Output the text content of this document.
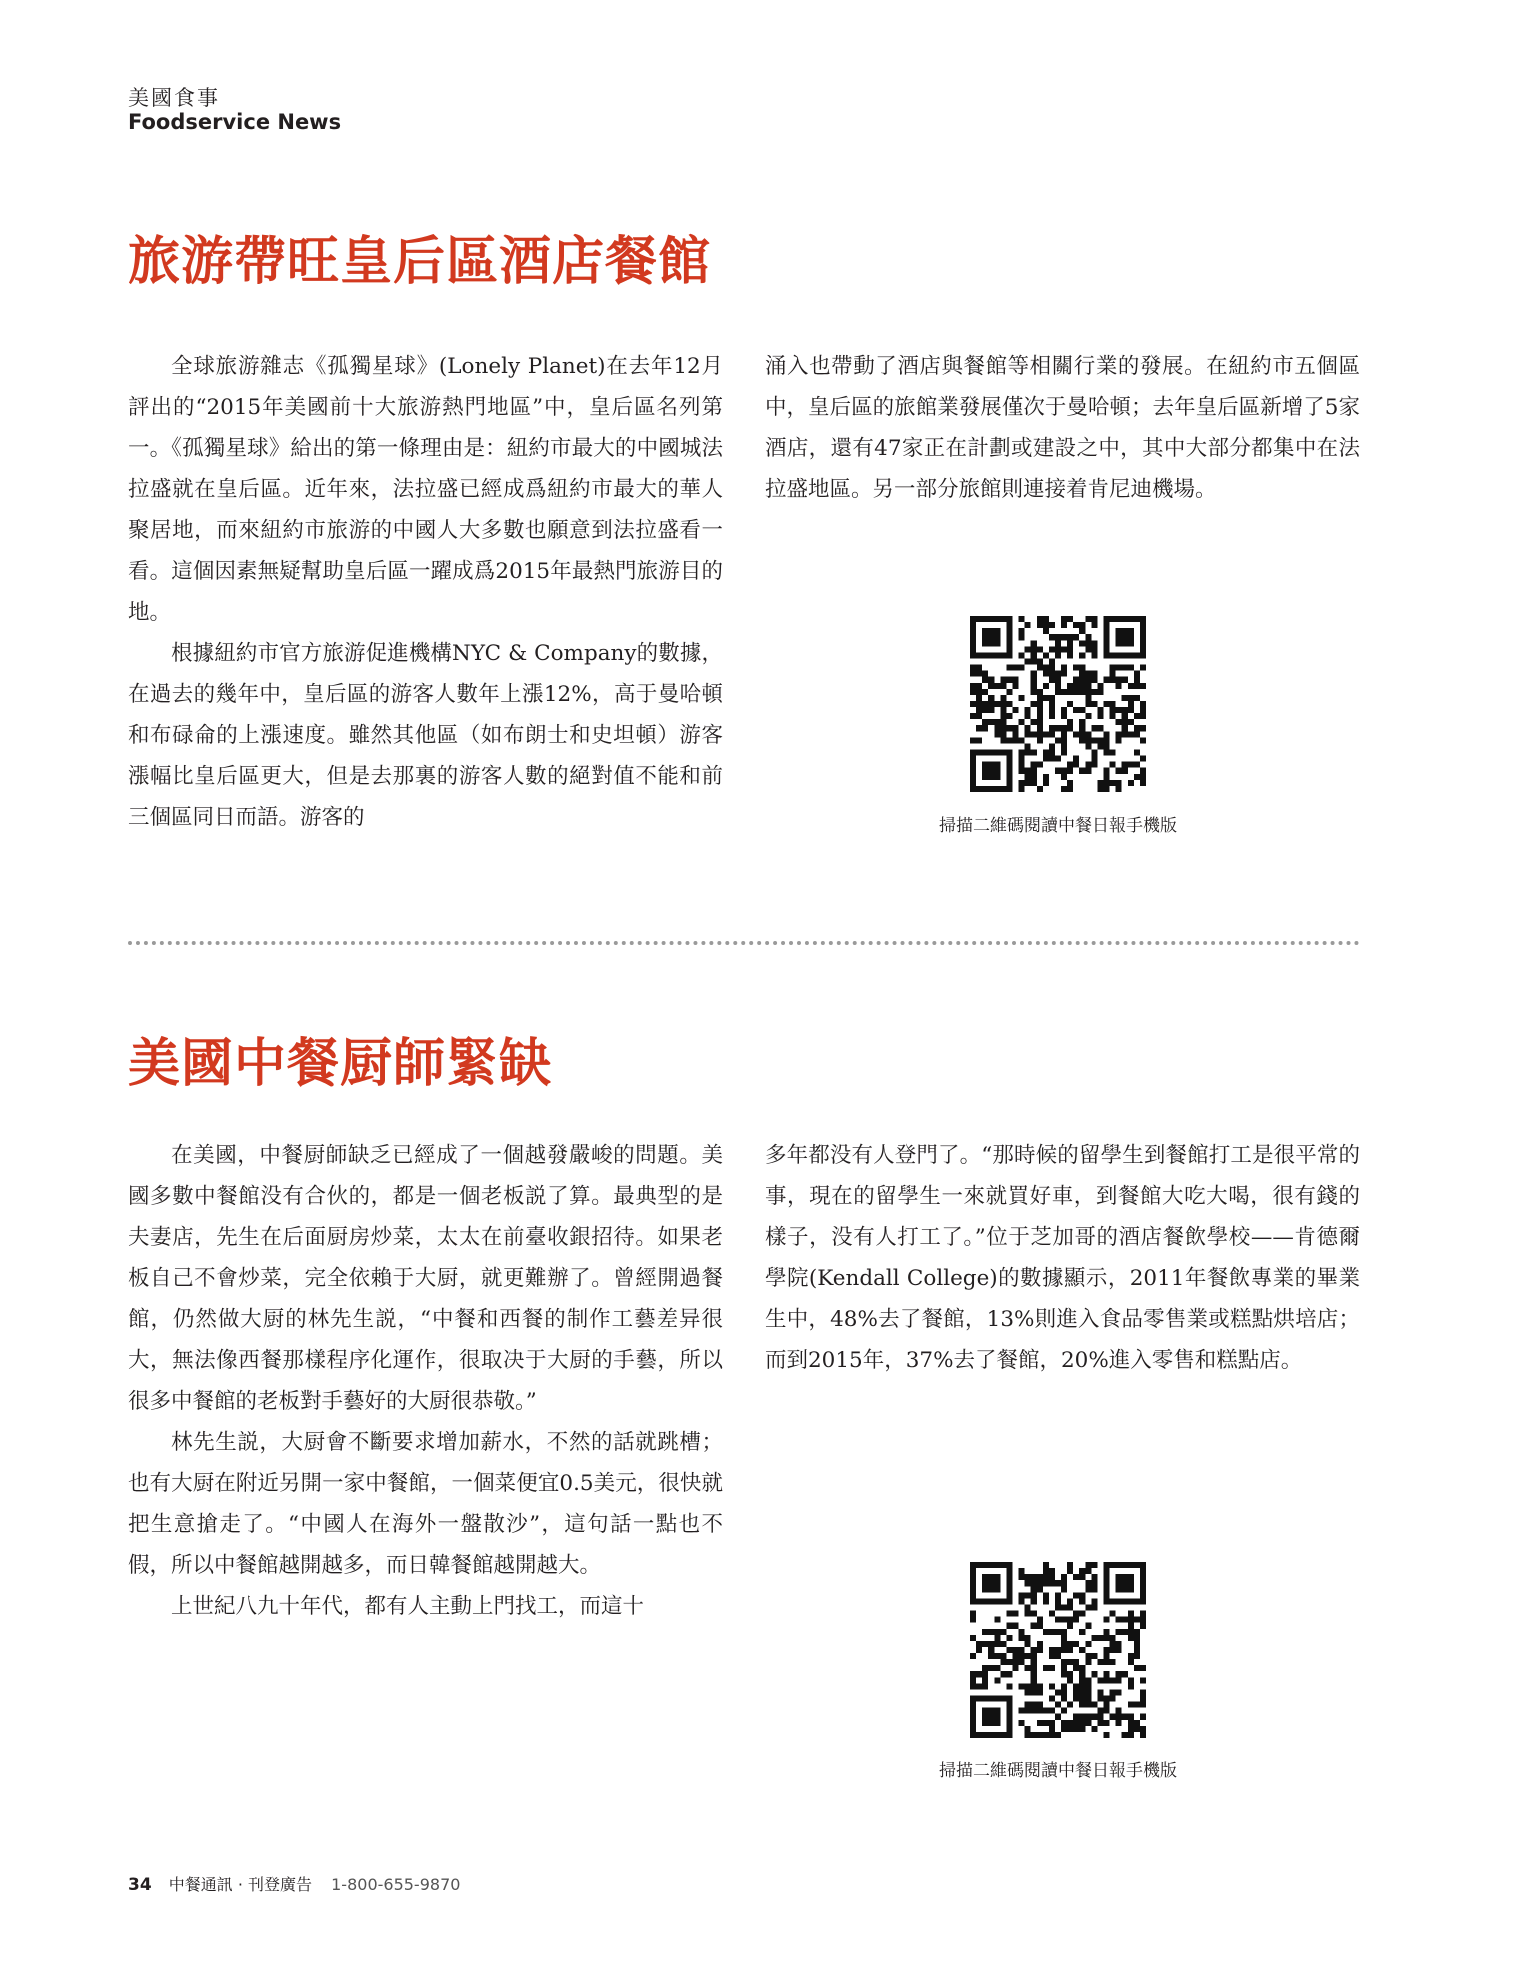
美國食事
Foodservice News
旅游帶旺皇后區酒店餐館

全球旅游雜志《孤獨星球》(Lonely Planet)在去年12月評出的“2015年美國前十大旅游熱門地區”中，皇后區名列第一。《孤獨星球》給出的第一條理由是：紐約市最大的中國城法拉盛就在皇后區。近年來，法拉盛已經成爲紐約市最大的華人聚居地，而來紐約市旅游的中國人大多數也願意到法拉盛看一看。這個因素無疑幫助皇后區一躍成爲2015年最熱門旅游目的地。

根據紐約市官方旅游促進機構NYC & Company的數據，在過去的幾年中，皇后區的游客人數年上漲12%，高于曼哈頓和布碌侖的上漲速度。雖然其他區（如布朗士和史坦頓）游客漲幅比皇后區更大，但是去那裏的游客人數的絕對值不能和前三個區同日而語。游客的

涌入也帶動了酒店與餐館等相關行業的發展。在紐約市五個區中，皇后區的旅館業發展僅次于曼哈頓；去年皇后區新增了5家酒店，還有47家正在計劃或建設之中，其中大部分都集中在法拉盛地區。另一部分旅館則連接着肯尼迪機場。

掃描二維碼閱讀中餐日報手機版
美國中餐厨師緊缺

在美國，中餐厨師缺乏已經成了一個越發嚴峻的問題。美國多數中餐館没有合伙的，都是一個老板説了算。最典型的是夫妻店，先生在后面厨房炒菜，太太在前臺收銀招待。如果老板自己不會炒菜，完全依賴于大厨，就更難辦了。曾經開過餐館，仍然做大厨的林先生説，“中餐和西餐的制作工藝差异很大，無法像西餐那樣程序化運作，很取决于大厨的手藝，所以很多中餐館的老板對手藝好的大厨很恭敬。”

林先生説，大厨會不斷要求增加薪水，不然的話就跳槽；也有大厨在附近另開一家中餐館，一個菜便宜0.5美元，很快就把生意搶走了。“中國人在海外一盤散沙”，這句話一點也不假，所以中餐館越開越多，而日韓餐館越開越大。

上世紀八九十年代，都有人主動上門找工，而這十

多年都没有人登門了。“那時候的留學生到餐館打工是很平常的事，現在的留學生一來就買好車，到餐館大吃大喝，很有錢的樣子，没有人打工了。”位于芝加哥的酒店餐飲學校——肯德爾學院(Kendall College)的數據顯示，2011年餐飲專業的畢業生中，48%去了餐館，13%則進入食品零售業或糕點烘培店；而到2015年，37%去了餐館，20%進入零售和糕點店。

掃描二維碼閱讀中餐日報手機版
34 中餐通訊 · 刊登廣告 1-800-655-9870
